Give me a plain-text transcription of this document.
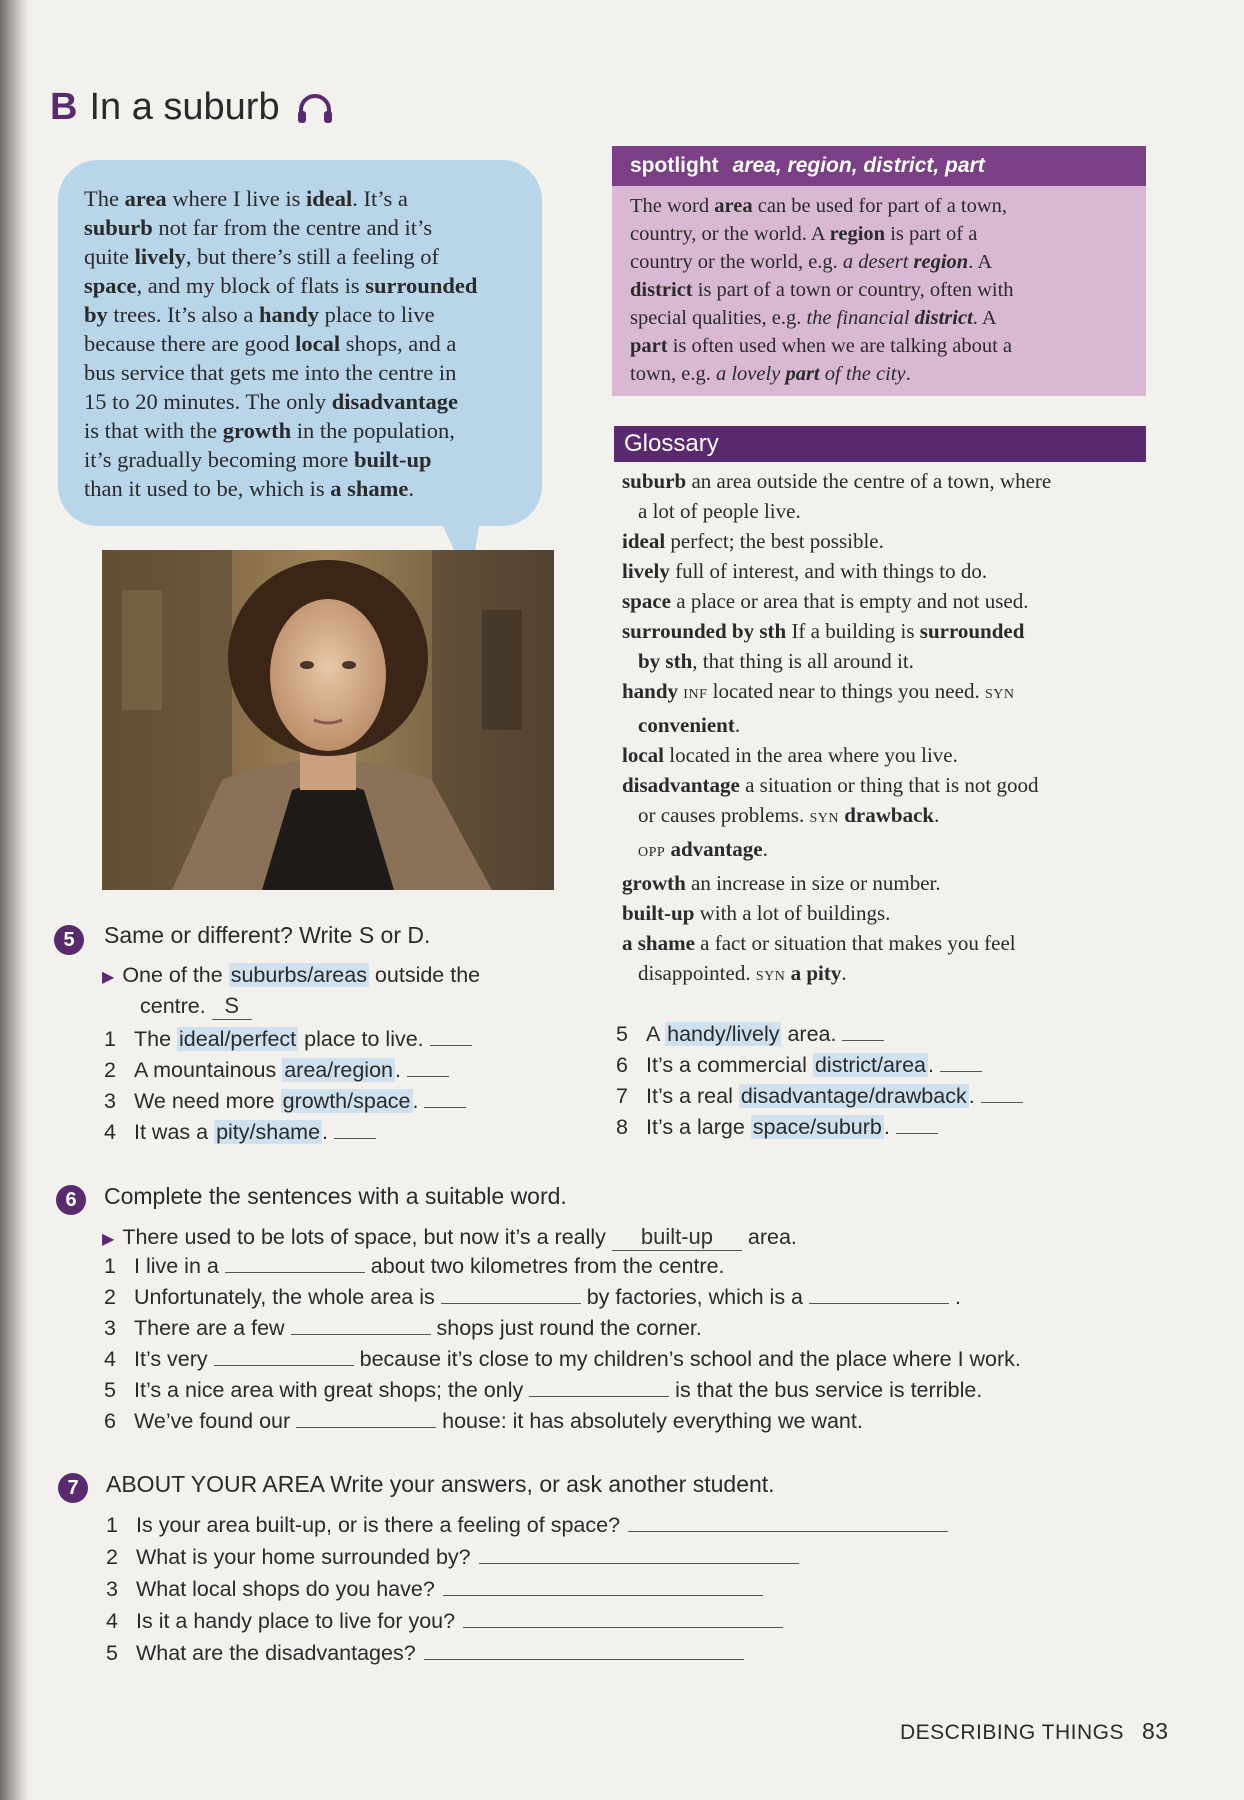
B In a suburb
The area where I live is ideal. It’s a
suburb not far from the centre and it’s
quite lively, but there’s still a feeling of
space, and my block of flats is surrounded
by trees. It’s also a handy place to live
because there are good local shops, and a
bus service that gets me into the centre in
15 to 20 minutes. The only disadvantage
is that with the growth in the population,
it’s gradually becoming more built-up
than it used to be, which is a shame.
spotlight area, region, district, part
The word area can be used for part of a town,
country, or the world. A region is part of a
country or the world, e.g. a desert region. A
district is part of a town or country, often with
special qualities, e.g. the financial district. A
part is often used when we are talking about a
town, e.g. a lovely part of the city.
Glossary
suburb an area outside the centre of a town, where
a lot of people live.
ideal perfect; the best possible.
lively full of interest, and with things to do.
space a place or area that is empty and not used.
surrounded by sth If a building is surrounded
by sth, that thing is all around it.
handy INF located near to things you need. SYN
convenient.
local located in the area where you live.
disadvantage a situation or thing that is not good
or causes problems. SYN drawback.
OPP advantage.
growth an increase in size or number.
built-up with a lot of buildings.
a shame a fact or situation that makes you feel
disappointed. SYN a pity.
5	Same or different? Write S or D.
▶ One of the suburbs/areas outside the
centre. S
1 The ideal/perfect place to live.
2 A mountainous area/region.
3 We need more growth/space.
4 It was a pity/shame.
5 A handy/lively area.
6 It’s a commercial district/area.
7 It’s a real disadvantage/drawback.
8 It’s a large space/suburb.
6	Complete the sentences with a suitable word.
▶ There used to be lots of space, but now it’s a really built-up area.
1 I live in a	about two kilometres from the centre.
2 Unfortunately, the whole area is	by factories, which is a	.
3 There are a few	shops just round the corner.
4 It’s very	because it’s close to my children’s school and the place where I work.
5 It’s a nice area with great shops; the only	is that the bus service is terrible.
6 We’ve found our	house: it has absolutely everything we want.
7	ABOUT YOUR AREA Write your answers, or ask another student.
1 Is your area built-up, or is there a feeling of space?
2 What is your home surrounded by?
3 What local shops do you have?
4 Is it a handy place to live for you?
5 What are the disadvantages?
DESCRIBING THINGS 83
